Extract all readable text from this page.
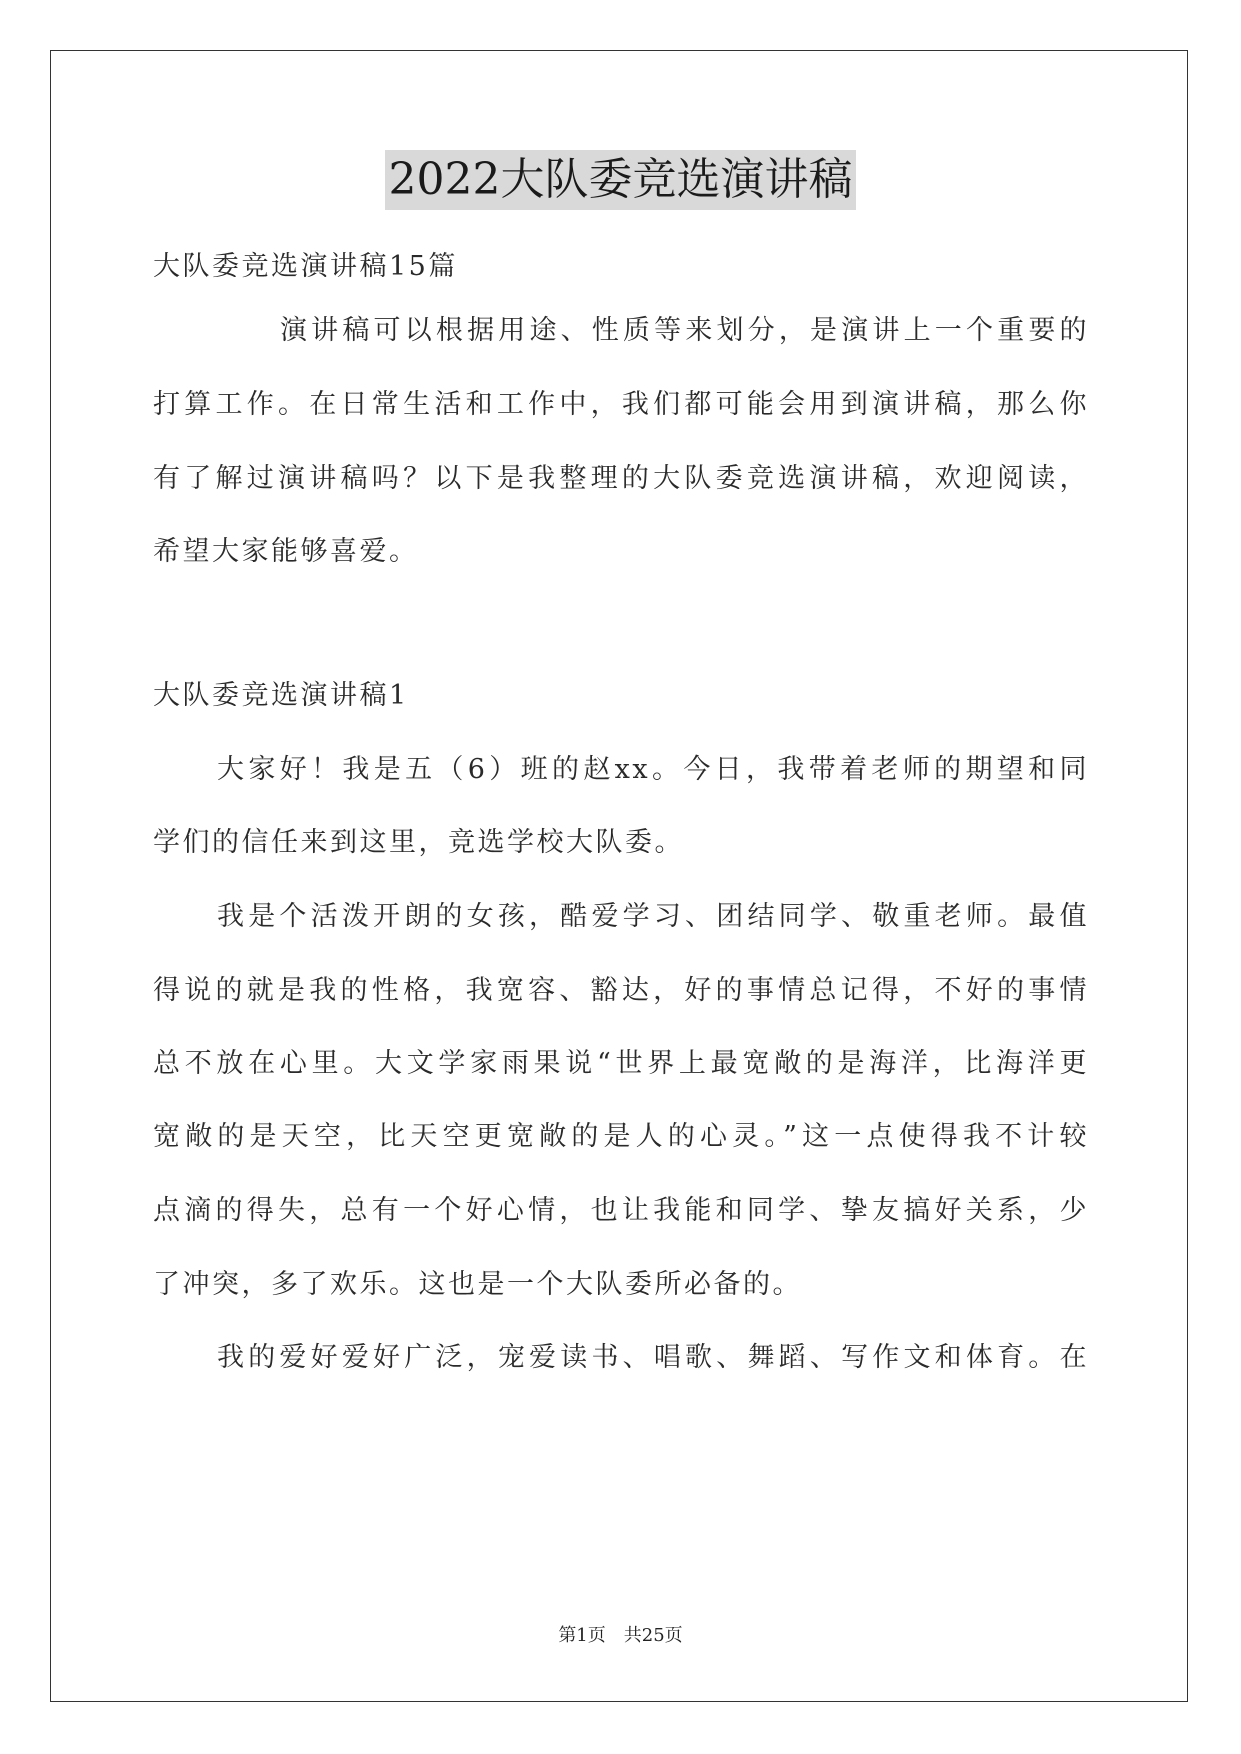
2022大队委竞选演讲稿
大队委竞选演讲稿15篇
演讲稿可以根据用途、性质等来划分，是演讲上一个重要的
打算工作。在日常生活和工作中，我们都可能会用到演讲稿，那么你
有了解过演讲稿吗？以下是我整理的大队委竞选演讲稿，欢迎阅读，
希望大家能够喜爱。
大队委竞选演讲稿1
大家好！我是五（6）班的赵xx。今日，我带着老师的期望和同
学们的信任来到这里，竞选学校大队委。
我是个活泼开朗的女孩，酷爱学习、团结同学、敬重老师。最值
得说的就是我的性格，我宽容、豁达，好的事情总记得，不好的事情
总不放在心里。大文学家雨果说“世界上最宽敞的是海洋，比海洋更
宽敞的是天空，比天空更宽敞的是人的心灵。”这一点使得我不计较
点滴的得失，总有一个好心情，也让我能和同学、挚友搞好关系，少
了冲突，多了欢乐。这也是一个大队委所必备的。
我的爱好爱好广泛，宠爱读书、唱歌、舞蹈、写作文和体育。在
第1页　共25页
